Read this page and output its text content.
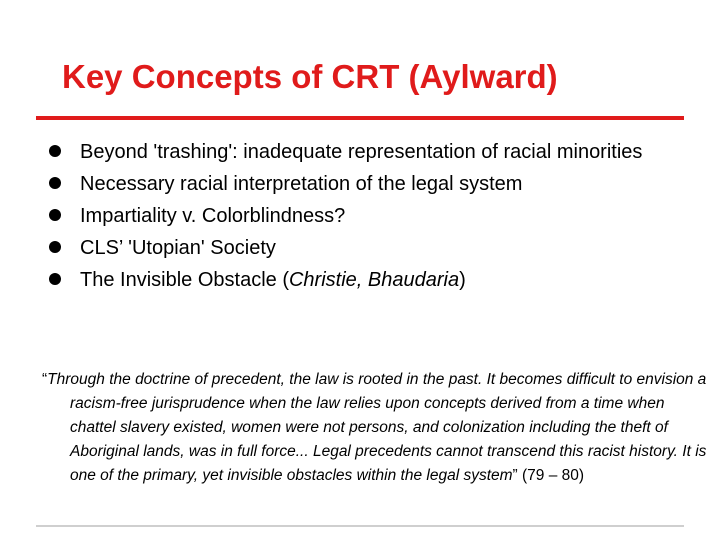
Key Concepts of CRT (Aylward)
Beyond 'trashing': inadequate representation of racial minorities
Necessary racial interpretation of the legal system
Impartiality v. Colorblindness?
CLS’ 'Utopian' Society
The Invisible Obstacle (Christie, Bhaudaria)

“Through the doctrine of precedent, the law is rooted in the past. It becomes difficult to envision a racism-free jurisprudence when the law relies upon concepts derived from a time when chattel slavery existed, women were not persons, and colonization including the theft of Aboriginal lands, was in full force... Legal precedents cannot transcend this racist history. It is one of the primary, yet invisible obstacles within the legal system” (79 – 80)
